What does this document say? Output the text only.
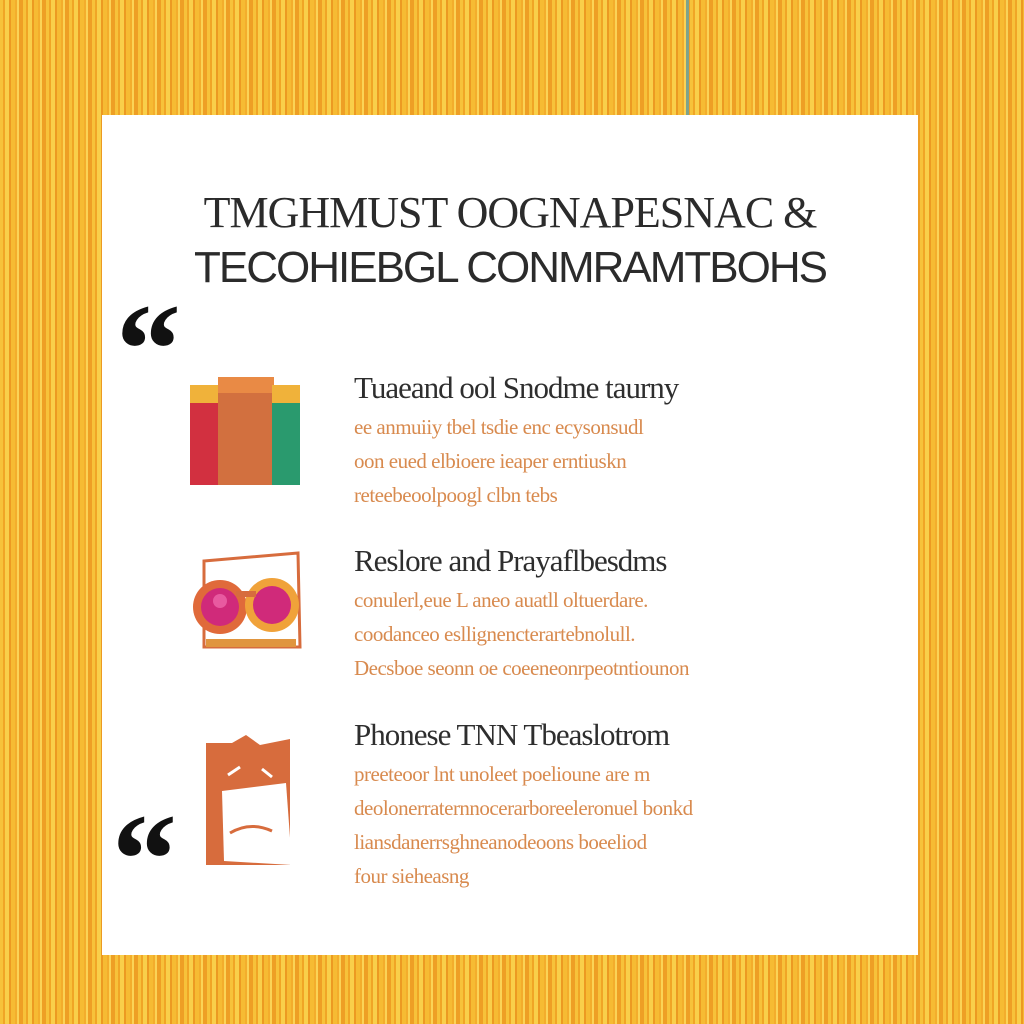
TMGHMUST OOGNAPESNAC &
TECOHIEBGL CONMRAMTBOHS
“	Tuaeand ool Snodme taurny
ee anmuiiy tbel tsdie enc ecysonsudl
oon eued elbioere ieaper erntiuskn
reteebeoolpoogl clbn tebs
Reslore and Prayaflbesdms
conulerl,eue L aneo auatll oltuerdare.
coodanceo esllignencterartebnolull.
Decsboe seonn oe coeeneonrpeotntiounon
Phonese TNN Tbeaslotrom
preeteoor lnt unoleet poelioune are m
deolonerraternnocerarboreeleronuel bonkd
liansdanerrsghneanodeoons boeeliod
four sieheasng
“
